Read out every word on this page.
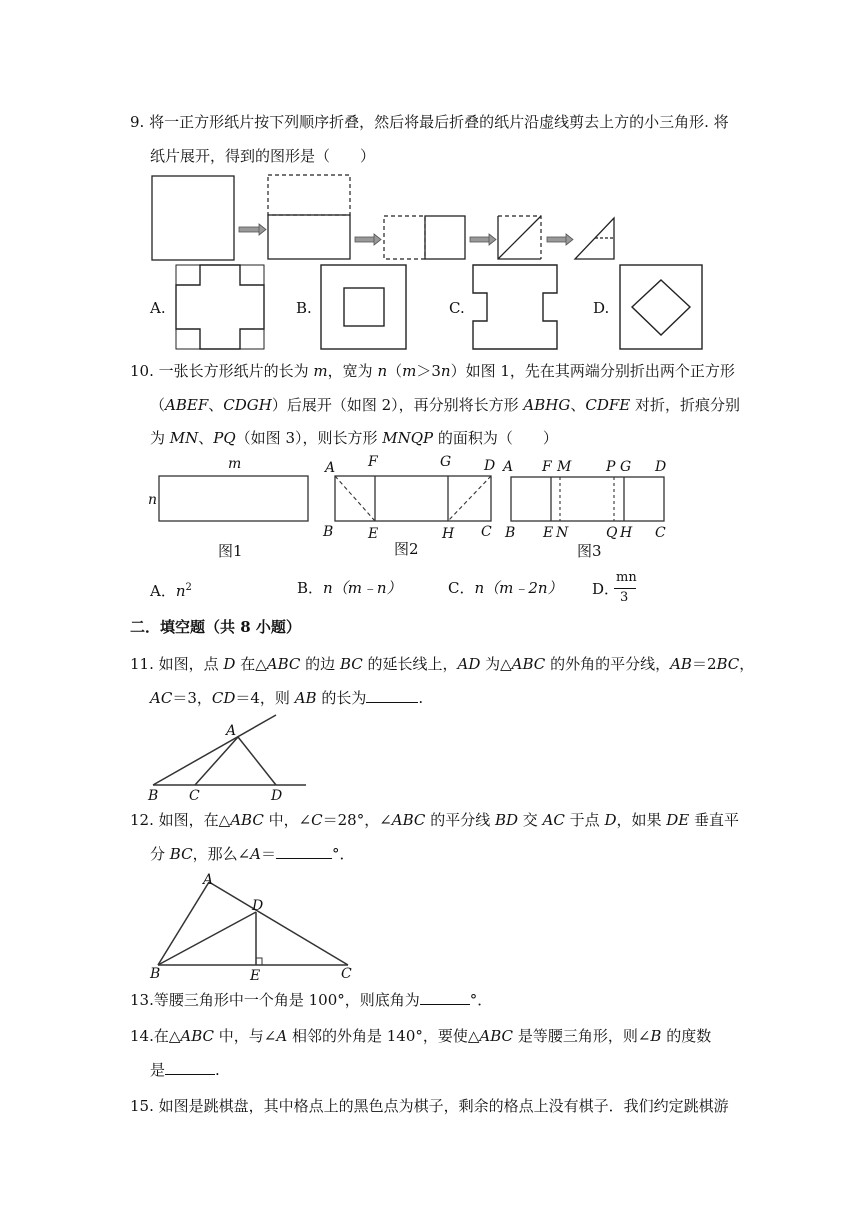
9. 将一正方形纸片按下列顺序折叠，然后将最后折叠的纸片沿虚线剪去上方的小三角形. 将
纸片展开，得到的图形是（　　）
A.	B.	C.	D.
10. 一张长方形纸片的长为 m，宽为 n（m＞3n）如图 1，先在其两端分别折出两个正方形
（ABEF、CDGH）后展开（如图 2），再分别将长方形 ABHG、CDFE 对折，折痕分别
为 MN、PQ（如图 3），则长方形 MNQP 的面积为（　　）
m
n
图1
A F	G D
B E	H C
图2
A F M P G D
B E N	Q H C
图3
A．$n^2$	B．n（m﹣n）	C．n（m﹣2n） D．
mn
3
二．填空题（共 8 小题）
11. 如图，点 D 在△ABC 的边 BC 的延长线上，AD 为△ABC 的外角的平分线，AB＝2BC，
AC＝3，CD＝4，则 AB 的长为	.
A
B C	D
12. 如图，在△ABC 中，∠C＝28°，∠ABC 的平分线 BD 交 AC 于点 D，如果 DE 垂直平
分 BC，那么∠A＝	°．
A
D
B	E	C
13.等腰三角形中一个角是 100°，则底角为	°．
14.在△ABC 中，与∠A 相邻的外角是 140°，要使△ABC 是等腰三角形，则∠B 的度数
是	.
15. 如图是跳棋盘，其中格点上的黑色点为棋子，剩余的格点上没有棋子．我们约定跳棋游
